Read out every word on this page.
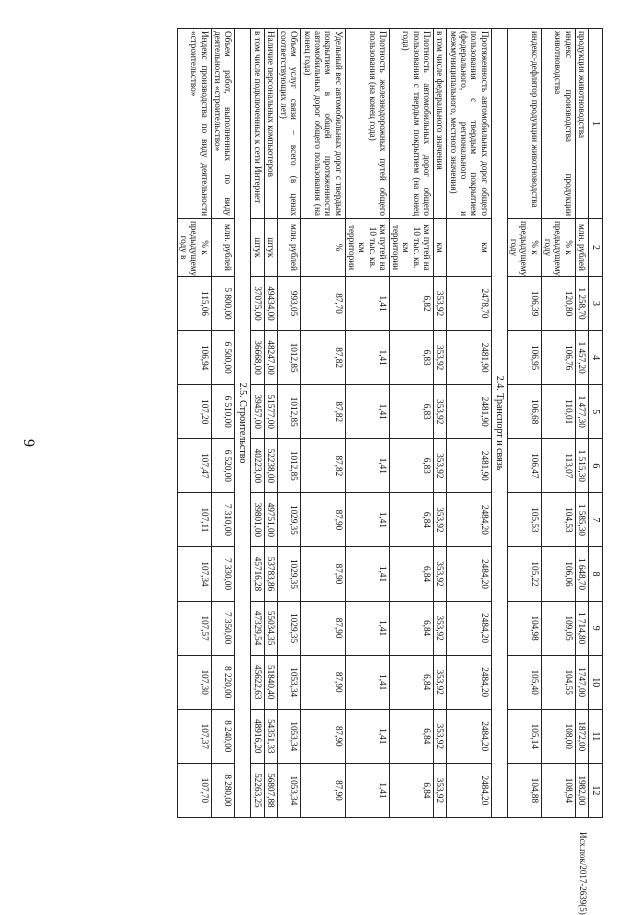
9
Исх.пок/2017-2639(5)
1	2	3	4	5	6	7	8	9	10	11	12
продукция животноводства	млн. рублей	1 258,70	1 457,20	1 477,30	1 515,30	1 585,30	1 648,70	1 714,80	1747,00	1872,00	1982,00
индекс производства продукции животноводства	% к предыдущему году	120,80	106,76	110,01	113,07	104,53	106,06	109,05	104,55	108,00	108,94
индекс-дефлятор продукции животноводства	% к предыдущему году	106,39	106,95	106,68	106,47	105,53	105,22	104,98	105,40	105,14	104,88
2.4. Транспорт и связь											
Протяженность автомобильных дорог общего пользования с твердым покрытием (федерального, регионального и межмуниципального, местного значения)	км	2478,70	2481,90	2481,90	2481,90	2484,20	2484,20	2484,20	2484,20	2484,20	2484,20
в том числе федерального значения	км	353,92	353,92	353,92	353,92	353,92	353,92	353,92	353,92	353,92	353,92
Плотность автомобильных дорог общего пользования с твердым покрытием (на конец года)	км путей на 10 тыс. кв. км территории	6,82	6,83	6,83	6,83	6,84	6,84	6,84	6,84	6,84	6,84
Плотность железнодорожных путей общего пользования (на конец года)	км путей на 10 тыс. кв. км территории	1,41	1,41	1,41	1,41	1,41	1,41	1,41	1,41	1,41	1,41
Удельный вес автомобильных дорог с твердым покрытием в общей протяженности автомобильных дорог общего пользования (на конец года)	%	87,70	87,82	87,82	87,82	87,90	87,90	87,90	87,90	87,90	87,90
Объем услуг связи – всего (в ценах соответствующих лет)	млн. рублей	993,05	1012,85	1012,85	1012,85	1029,35	1029,35	1029,35	1053,34	1053,34	1053,34
Наличие персональных компьютеров	штук	49434,00	48247,00	51577,00	52238,00	49751,00	53783,86	55034,35	51840,40	54351,33	56807,88
в том числе подключенных к сети Интернет	штук	37075,00	36668,00	39457,00	40223,00	39801,00	45716,28	47329,54	45622,63	48916,20	52263,25
2.5. Строительство											
Объем работ, выполненных по виду деятельности «строительство»	млн. рублей	5 800,00	6 500,00	6 510,00	6 520,00	7 310,00	7 330,00	7 350,00	8 220,00	8 240,00	8 280,00
Индекс производства по виду деятельности «строительство»	% к предыдущему году в	115,06	106,94	107,20	107,47	107,11	107,34	107,57	107,30	107,37	107,70
